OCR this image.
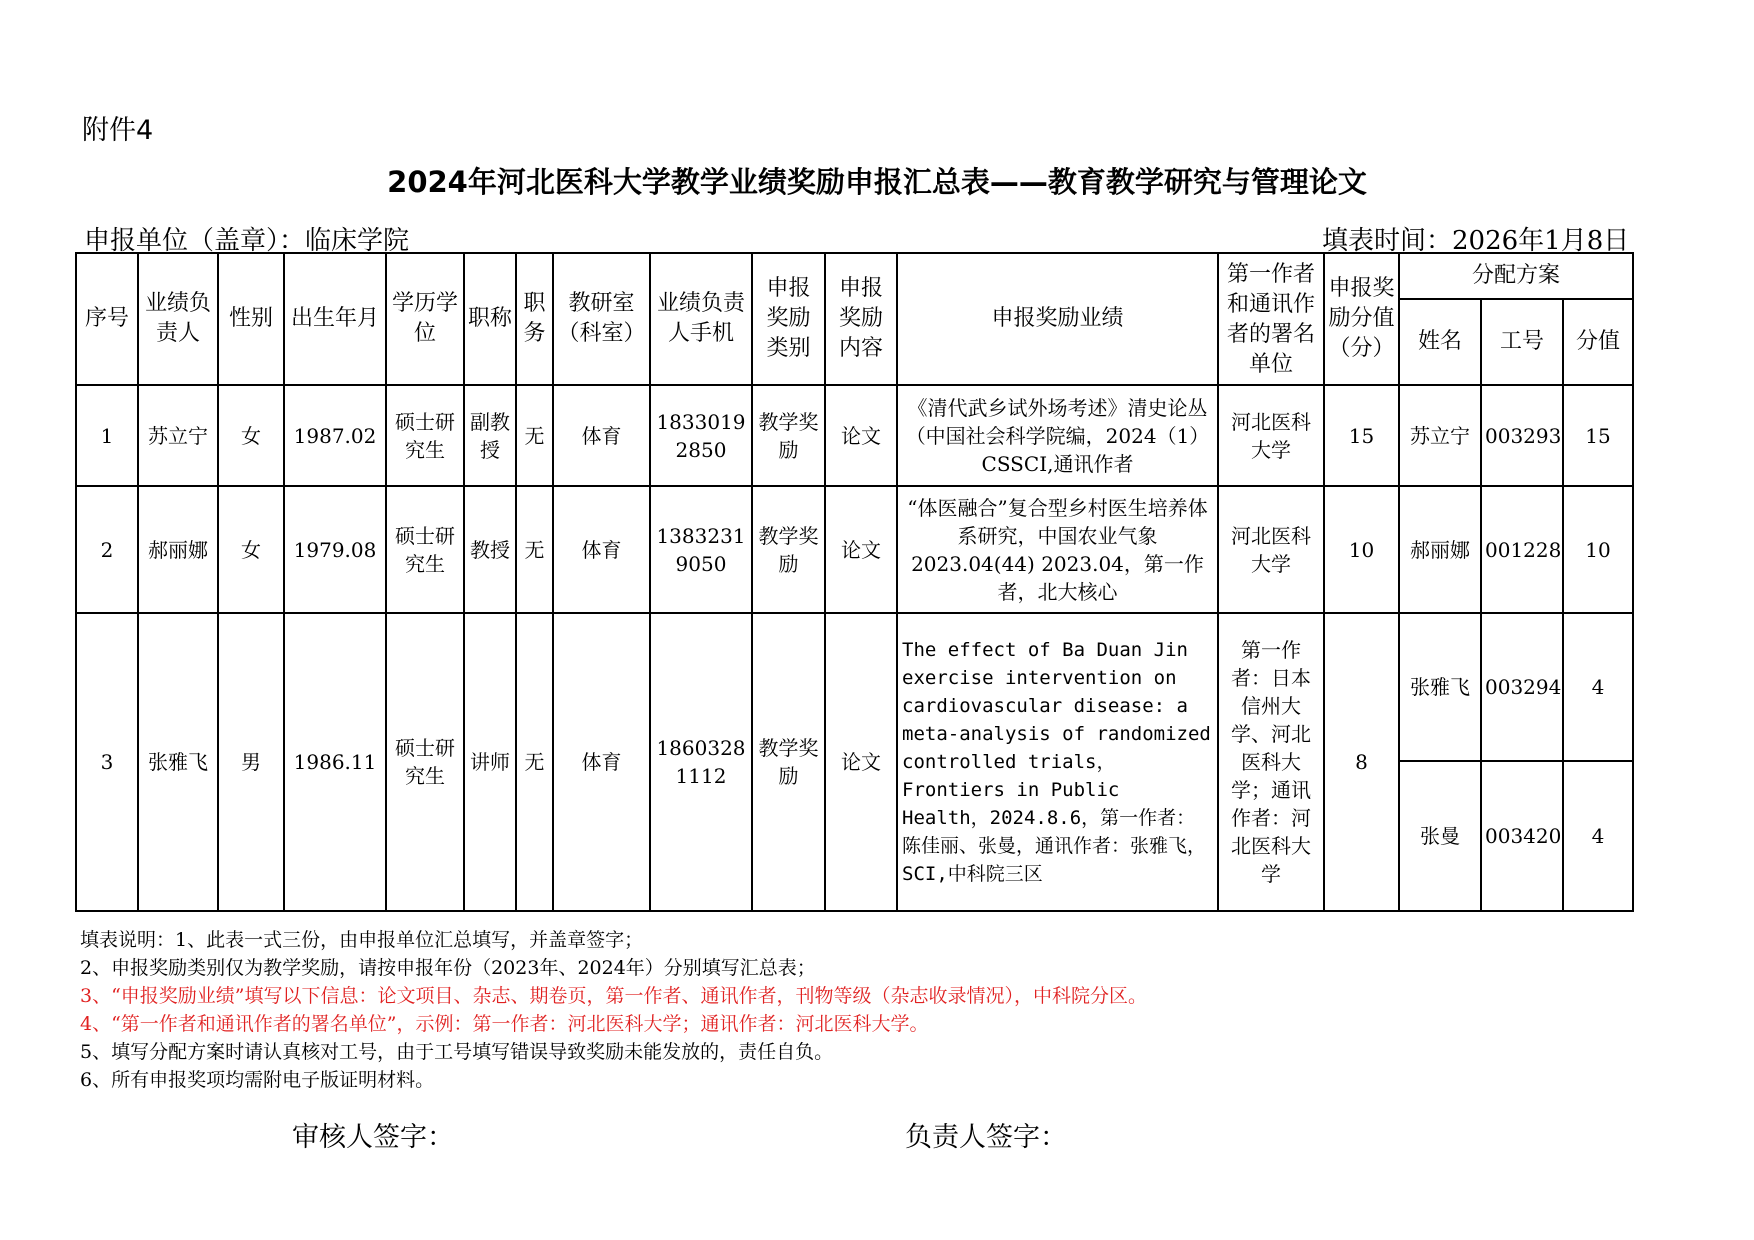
附件4
2024年河北医科大学教学业绩奖励申报汇总表——教育教学研究与管理论文
申报单位（盖章）：临床学院	填表时间：2026年1月8日
序号	业绩负责人	性别	出生年月	学历学位	职称	职务	教研室（科室）	业绩负责人手机	申报奖励类别	申报奖励内容	申报奖励业绩	第一作者和通讯作者的署名单位	申报奖励分值（分）	分配方案		
														姓名	工号	分值
1	苏立宁	女	1987.02	硕士研究生	副教授	无	体育	18330192850	教学奖励	论文	《清代武乡试外场考述》清史论丛（中国社会科学院编，2024（1）CSSCI,通讯作者	河北医科大学	15	苏立宁	003293	15
2	郝丽娜	女	1979.08	硕士研究生	教授	无	体育	13832319050	教学奖励	论文	“体医融合”复合型乡村医生培养体系研究，中国农业气象2023.04(44) 2023.04，第一作者，北大核心	河北医科大学	10	郝丽娜	001228	10
3	张雅飞	男	1986.11	硕士研究生	讲师	无	体育	18603281112	教学奖励	论文	The effect of Ba Duan Jin exercise intervention on cardiovascular disease: a meta-analysis of randomized controlled trials，Frontiers in Public Health，2024.8.6，第一作者：陈佳丽、张曼，通讯作者：张雅飞，SCI,中科院三区	第一作者：日本信州大学、河北医科大学；通讯作者：河北医科大学	8	张雅飞	003294	4
														张曼	003420	4
填表说明：1、此表一式三份，由申报单位汇总填写，并盖章签字；
2、申报奖励类别仅为教学奖励，请按申报年份（2023年、2024年）分别填写汇总表；
3、“申报奖励业绩”填写以下信息：论文项目、杂志、期卷页，第一作者、通讯作者，刊物等级（杂志收录情况），中科院分区。
4、“第一作者和通讯作者的署名单位”，示例：第一作者：河北医科大学；通讯作者：河北医科大学。
5、填写分配方案时请认真核对工号，由于工号填写错误导致奖励未能发放的，责任自负。
6、所有申报奖项均需附电子版证明材料。
审核人签字：	负责人签字：
